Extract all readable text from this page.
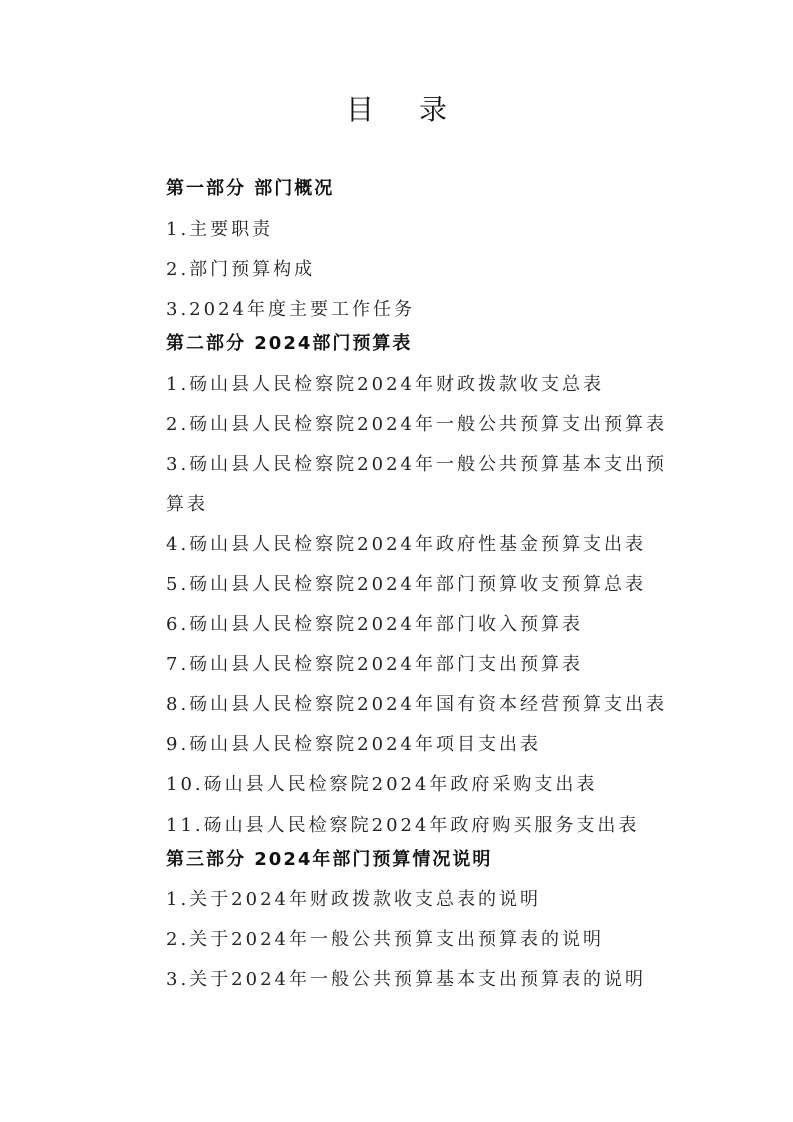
目 录
第一部分 部门概况
1.主要职责
2.部门预算构成
3.2024年度主要工作任务
第二部分 2024部门预算表
1.砀山县人民检察院2024年财政拨款收支总表
2.砀山县人民检察院2024年一般公共预算支出预算表
3.砀山县人民检察院2024年一般公共预算基本支出预
算表
4.砀山县人民检察院2024年政府性基金预算支出表
5.砀山县人民检察院2024年部门预算收支预算总表
6.砀山县人民检察院2024年部门收入预算表
7.砀山县人民检察院2024年部门支出预算表
8.砀山县人民检察院2024年国有资本经营预算支出表
9.砀山县人民检察院2024年项目支出表
10.砀山县人民检察院2024年政府采购支出表
11.砀山县人民检察院2024年政府购买服务支出表
第三部分 2024年部门预算情况说明
1.关于2024年财政拨款收支总表的说明
2.关于2024年一般公共预算支出预算表的说明
3.关于2024年一般公共预算基本支出预算表的说明
